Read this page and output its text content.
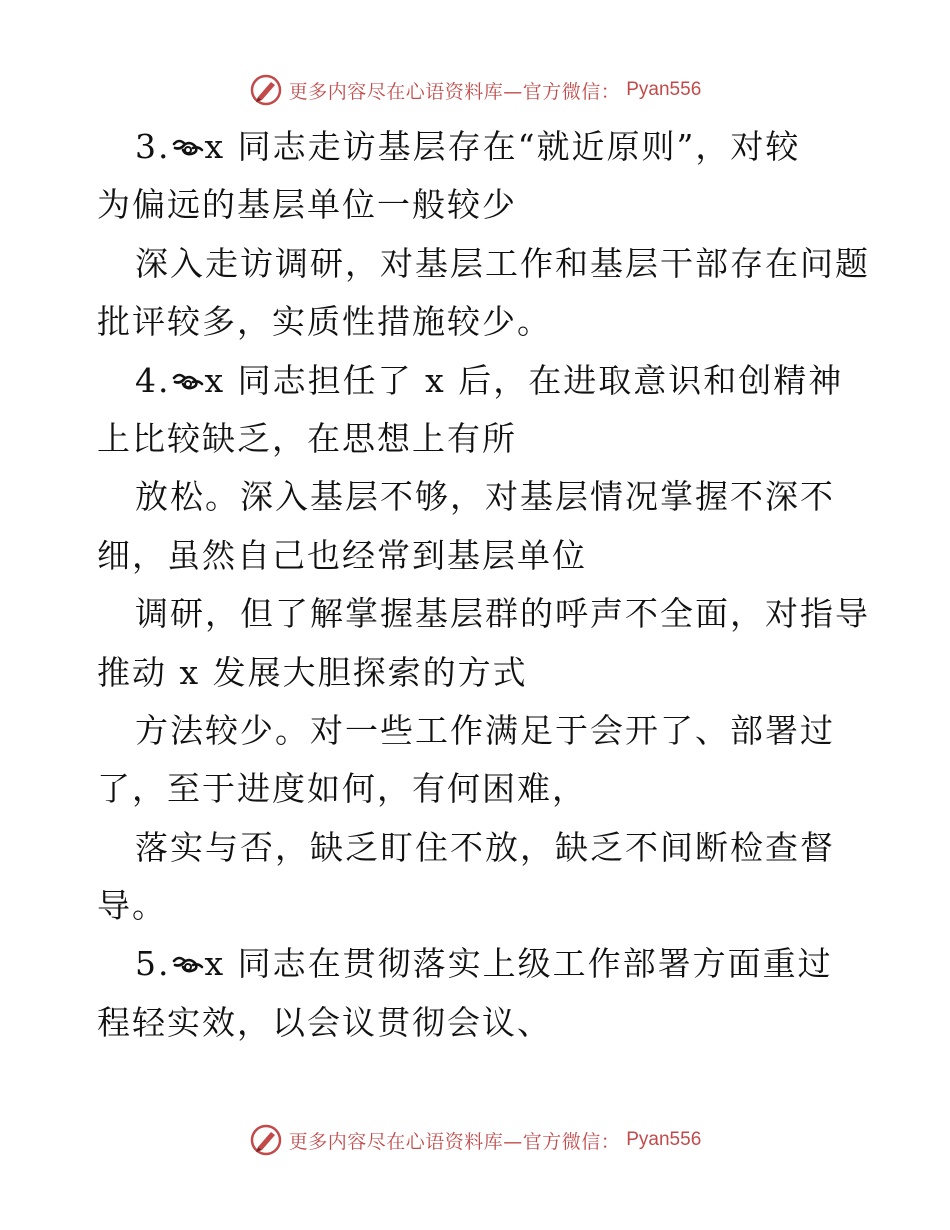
更多内容尽在心语资料库—官方微信： Pyan556
3. x 同志走访基层存在“就近原则”，对较
为偏远的基层单位一般较少
深入走访调研，对基层工作和基层干部存在问题
批评较多，实质性措施较少。
4. x 同志担任了 x 后，在进取意识和创精神
上比较缺乏，在思想上有所
放松。深入基层不够，对基层情况掌握不深不
细，虽然自己也经常到基层单位
调研，但了解掌握基层群的呼声不全面，对指导
推动 x 发展大胆探索的方式
方法较少。对一些工作满足于会开了、部署过
了，至于进度如何，有何困难，
落实与否，缺乏盯住不放，缺乏不间断检查督
导。
5. x 同志在贯彻落实上级工作部署方面重过
程轻实效，以会议贯彻会议、
更多内容尽在心语资料库—官方微信： Pyan556
